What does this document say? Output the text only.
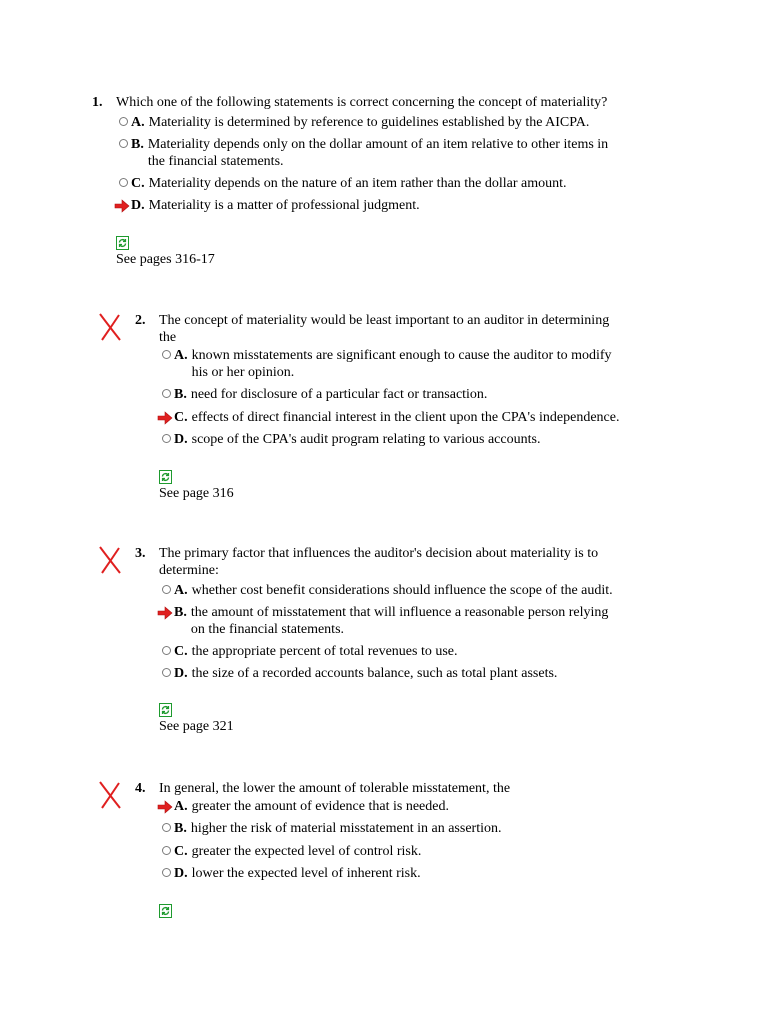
1. Which one of the following statements is correct concerning the concept of materiality?
A. Materiality is determined by reference to guidelines established by the AICPA.
B. Materiality depends only on the dollar amount of an item relative to other items in
the financial statements.
C. Materiality depends on the nature of an item rather than the dollar amount.
D. Materiality is a matter of professional judgment.
See pages 316-17
2. The concept of materiality would be least important to an auditor in determining
the
A. known misstatements are significant enough to cause the auditor to modify
his or her opinion.
B. need for disclosure of a particular fact or transaction.
C. effects of direct financial interest in the client upon the CPA's independence.
D. scope of the CPA's audit program relating to various accounts.
See page 316
3. The primary factor that influences the auditor's decision about materiality is to
determine:
A. whether cost benefit considerations should influence the scope of the audit.
B. the amount of misstatement that will influence a reasonable person relying
on the financial statements.
C. the appropriate percent of total revenues to use.
D. the size of a recorded accounts balance, such as total plant assets.
See page 321
4. In general, the lower the amount of tolerable misstatement, the
A. greater the amount of evidence that is needed.
B. higher the risk of material misstatement in an assertion.
C. greater the expected level of control risk.
D. lower the expected level of inherent risk.
